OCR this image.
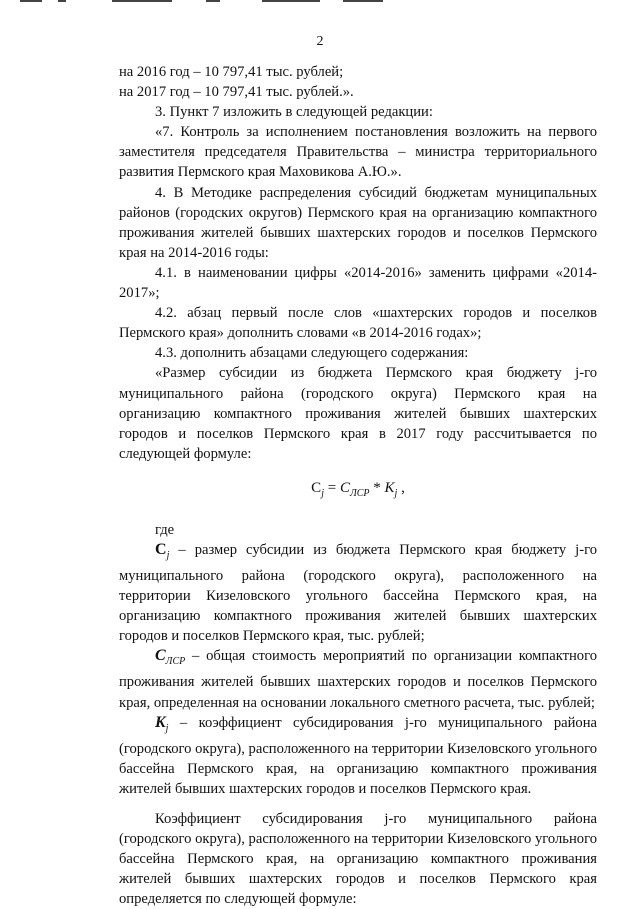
2

на 2016 год – 10 797,41 тыс. рублей;

на 2017 год – 10 797,41 тыс. рублей.».

3. Пункт 7 изложить в следующей редакции:

«7. Контроль за исполнением постановления возложить на первого заместителя председателя Правительства – министра территориального развития Пермского края Маховикова А.Ю.».

4. В Методике распределения субсидий бюджетам муниципальных районов (городских округов) Пермского края на организацию компактного проживания жителей бывших шахтерских городов и поселков Пермского края на 2014-2016 годы:

4.1. в наименовании цифры «2014-2016» заменить цифрами «2014-2017»;

4.2. абзац первый после слов «шахтерских городов и поселков Пермского края» дополнить словами «в 2014-2016 годах»;

4.3. дополнить абзацами следующего содержания:

«Размер субсидии из бюджета Пермского края бюджету j-го муниципального района (городского округа) Пермского края на организацию компактного проживания жителей бывших шахтерских городов и поселков Пермского края в 2017 году рассчитывается по следующей формуле:

$C_j = C_{ЛСР} * K_j$ ,

где

$C_j$ – размер субсидии из бюджета Пермского края бюджету j-го муниципального района (городского округа), расположенного на территории Кизеловского угольного бассейна Пермского края, на организацию компактного проживания жителей бывших шахтерских городов и поселков Пермского края, тыс. рублей;

$C_{ЛСР}$ – общая стоимость мероприятий по организации компактного проживания жителей бывших шахтерских городов и поселков Пермского края, определенная на основании локального сметного расчета, тыс. рублей;

$K_j$ – коэффициент субсидирования j-го муниципального района (городского округа), расположенного на территории Кизеловского угольного бассейна Пермского края, на организацию компактного проживания жителей бывших шахтерских городов и поселков Пермского края.

Коэффициент субсидирования j-го муниципального района (городского округа), расположенного на территории Кизеловского угольного бассейна Пермского края, на организацию компактного проживания жителей бывших шахтерских городов и поселков Пермского края определяется по следующей формуле:
